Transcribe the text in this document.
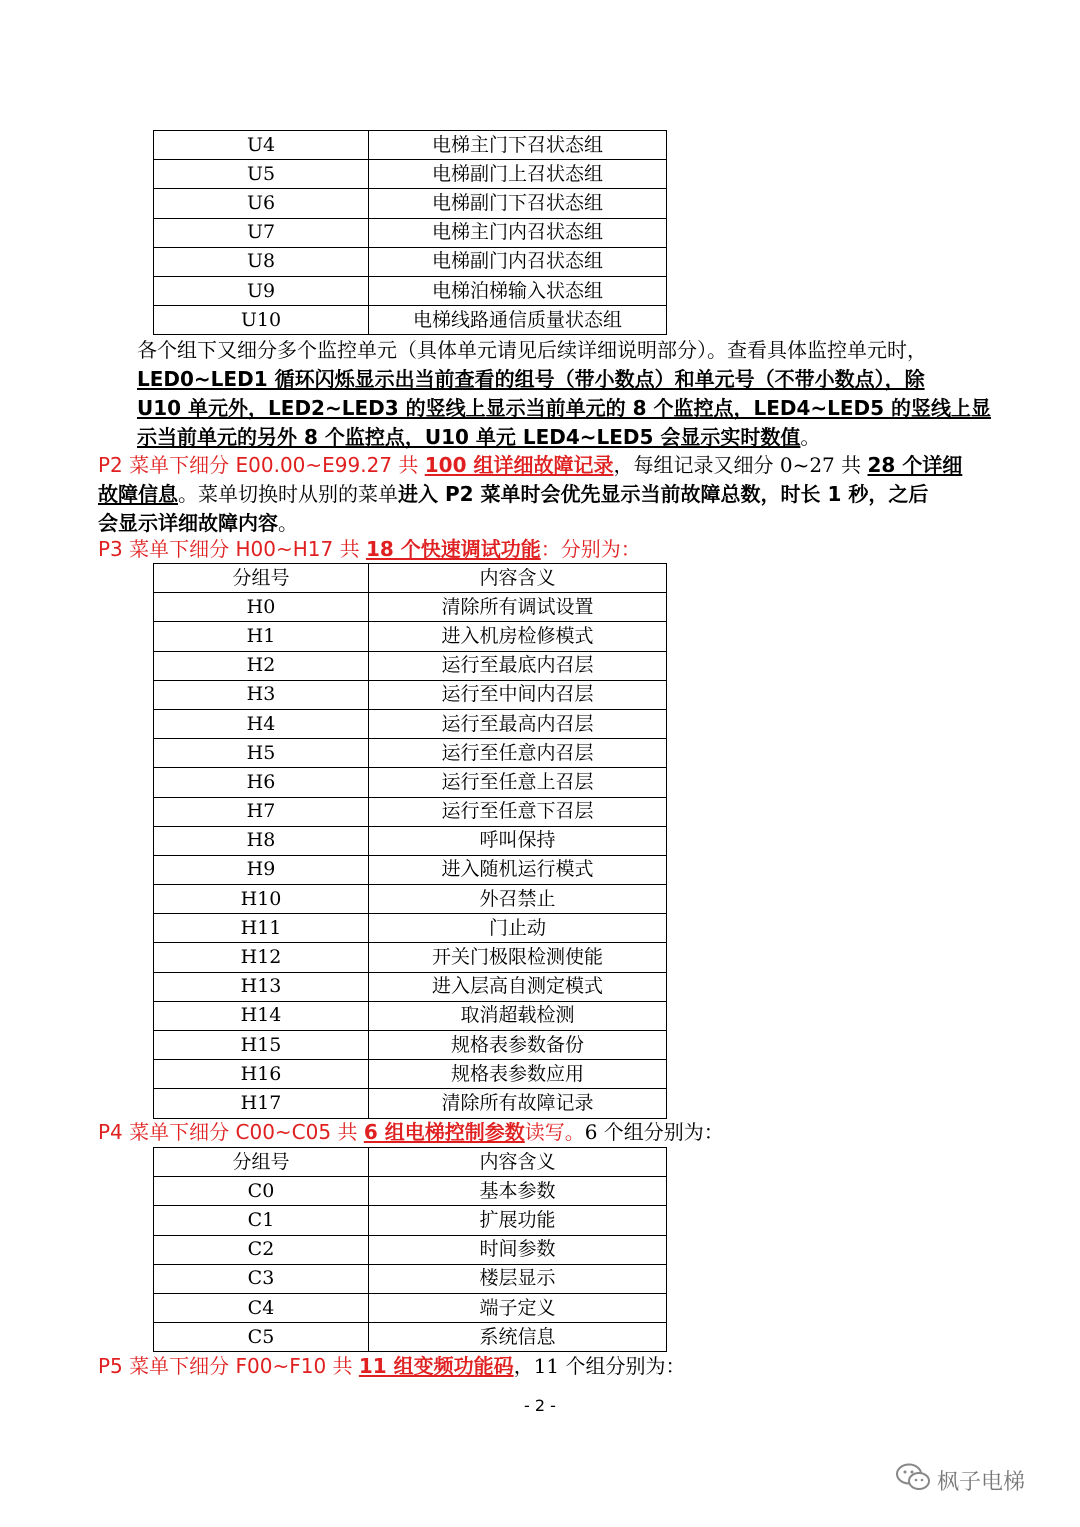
U4	电梯主门下召状态组
U5	电梯副门上召状态组
U6	电梯副门下召状态组
U7	电梯主门内召状态组
U8	电梯副门内召状态组
U9	电梯泊梯输入状态组
U10	电梯线路通信质量状态组
各个组下又细分多个监控单元（具体单元请见后续详细说明部分）。查看具体监控单元时，
LED0~LED1 循环闪烁显示出当前查看的组号（带小数点）和单元号（不带小数点），除
U10 单元外，LED2~LED3 的竖线上显示当前单元的 8 个监控点，LED4~LED5 的竖线上显
示当前单元的另外 8 个监控点，U10 单元 LED4~LED5 会显示实时数值。
P2 菜单下细分 E00.00~E99.27 共 100 组详细故障记录，每组记录又细分 0~27 共 28 个详细
故障信息。菜单切换时从别的菜单进入 P2 菜单时会优先显示当前故障总数，时长 1 秒，之后
会显示详细故障内容。
P3 菜单下细分 H00~H17 共 18 个快速调试功能：分别为：
分组号	内容含义
H0	清除所有调试设置
H1	进入机房检修模式
H2	运行至最底内召层
H3	运行至中间内召层
H4	运行至最高内召层
H5	运行至任意内召层
H6	运行至任意上召层
H7	运行至任意下召层
H8	呼叫保持
H9	进入随机运行模式
H10	外召禁止
H11	门止动
H12	开关门极限检测使能
H13	进入层高自测定模式
H14	取消超载检测
H15	规格表参数备份
H16	规格表参数应用
H17	清除所有故障记录
P4 菜单下细分 C00~C05 共 6 组电梯控制参数读写。6 个组分别为：
分组号	内容含义
C0	基本参数
C1	扩展功能
C2	时间参数
C3	楼层显示
C4	端子定义
C5	系统信息
P5 菜单下细分 F00~F10 共 11 组变频功能码，11 个组分别为：
- 2 -
枫子电梯
